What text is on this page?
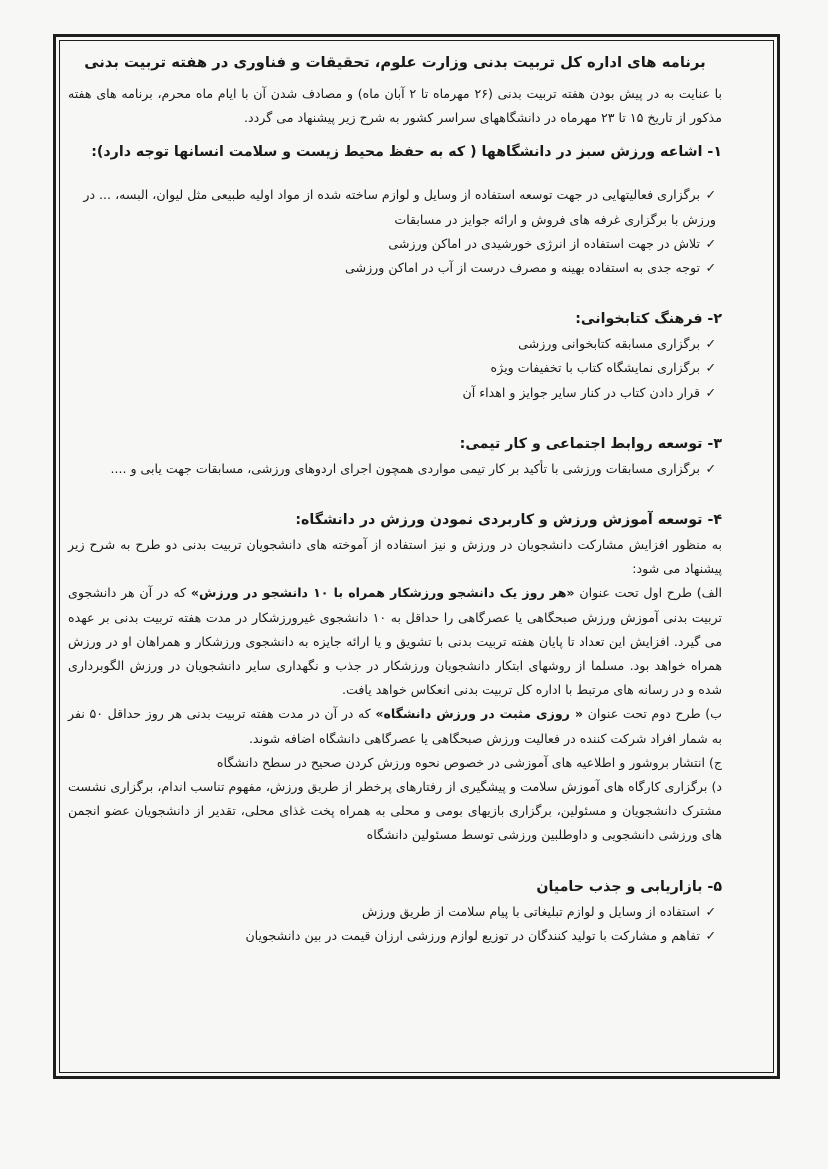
برنامه های اداره کل تربیت بدنی وزارت علوم، تحقیقات و فناوری در هفته تربیت بدنی

با عنایت به در پیش بودن هفته تربیت بدنی (۲۶ مهرماه تا ۲ آبان ماه) و مصادف شدن آن با ایام ماه محرم، برنامه های هفته مذکور از تاریخ ۱۵ تا ۲۳ مهرماه در دانشگاههای سراسر کشور به شرح زیر پیشنهاد می گردد.

۱- اشاعه ورزش سبز در دانشگاهها ( که به حفظ محیط زیست و سلامت انسانها توجه دارد):

✓برگزاری فعالیتهایی در جهت توسعه استفاده از وسایل و لوازم ساخته شده از مواد اولیه طبیعی مثل لیوان، البسه، ... در ورزش با برگزاری غرفه های فروش و ارائه جوایز در مسابقات

✓تلاش در جهت استفاده از انرژی خورشیدی در اماکن ورزشی

✓توجه جدی به استفاده بهینه و مصرف درست از آب در اماکن ورزشی

۲- فرهنگ کتابخوانی:

✓برگزاری مسابقه کتابخوانی ورزشی

✓برگزاری نمایشگاه کتاب با تخفیفات ویژه

✓قرار دادن کتاب در کنار سایر جوایز و اهداء آن

۳- توسعه روابط اجتماعی و کار تیمی:

✓برگزاری مسابقات ورزشی با تأکید بر کار تیمی مواردی همچون اجرای اردوهای ورزشی، مسابقات جهت یابی و ....

۴- توسعه آموزش ورزش و کاربردی نمودن ورزش در دانشگاه:

به منظور افزایش مشارکت دانشجویان در ورزش و نیز استفاده از آموخته های دانشجویان تربیت بدنی دو طرح به شرح زیر پیشنهاد می شود:

الف) طرح اول تحت عنوان «هر روز یک دانشجو ورزشکار همراه با ۱۰ دانشجو در ورزش» که در آن هر دانشجوی تربیت بدنی آموزش ورزش صبحگاهی یا عصرگاهی را حداقل به ۱۰ دانشجوی غیرورزشکار در مدت هفته تربیت بدنی بر عهده می گیرد. افزایش این تعداد تا پایان هفته تربیت بدنی با تشویق و یا ارائه جایزه به دانشجوی ورزشکار و همراهان او در ورزش همراه خواهد بود. مسلما از روشهای ابتکار دانشجویان ورزشکار در جذب و نگهداری سایر دانشجویان در ورزش الگوبرداری شده و در رسانه های مرتبط با اداره کل تربیت بدنی انعکاس خواهد یافت.

ب) طرح دوم تحت عنوان « روزی مثبت در ورزش دانشگاه» که در آن در مدت هفته تربیت بدنی هر روز حداقل ۵۰ نفر به شمار افراد شرکت کننده در فعالیت ورزش صبحگاهی یا عصرگاهی دانشگاه اضافه شوند.

ج) انتشار بروشور و اطلاعیه های آموزشی در خصوص نحوه ورزش کردن صحیح در سطح دانشگاه

د) برگزاری کارگاه های آموزش سلامت و پیشگیری از رفتارهای پرخطر از طریق ورزش، مفهوم تناسب اندام، برگزاری نشست مشترک دانشجویان و مسئولین، برگزاری بازیهای بومی و محلی به همراه پخت غذای محلی، تقدیر از دانشجویان عضو انجمن های ورزشی دانشجویی و داوطلبین ورزشی توسط مسئولین دانشگاه

۵- بازاریابی و جذب حامیان

✓استفاده از وسایل و لوازم تبلیغاتی با پیام سلامت از طریق ورزش

✓تفاهم و مشارکت با تولید کنندگان در توزیع لوازم ورزشی ارزان قیمت در بین دانشجویان
